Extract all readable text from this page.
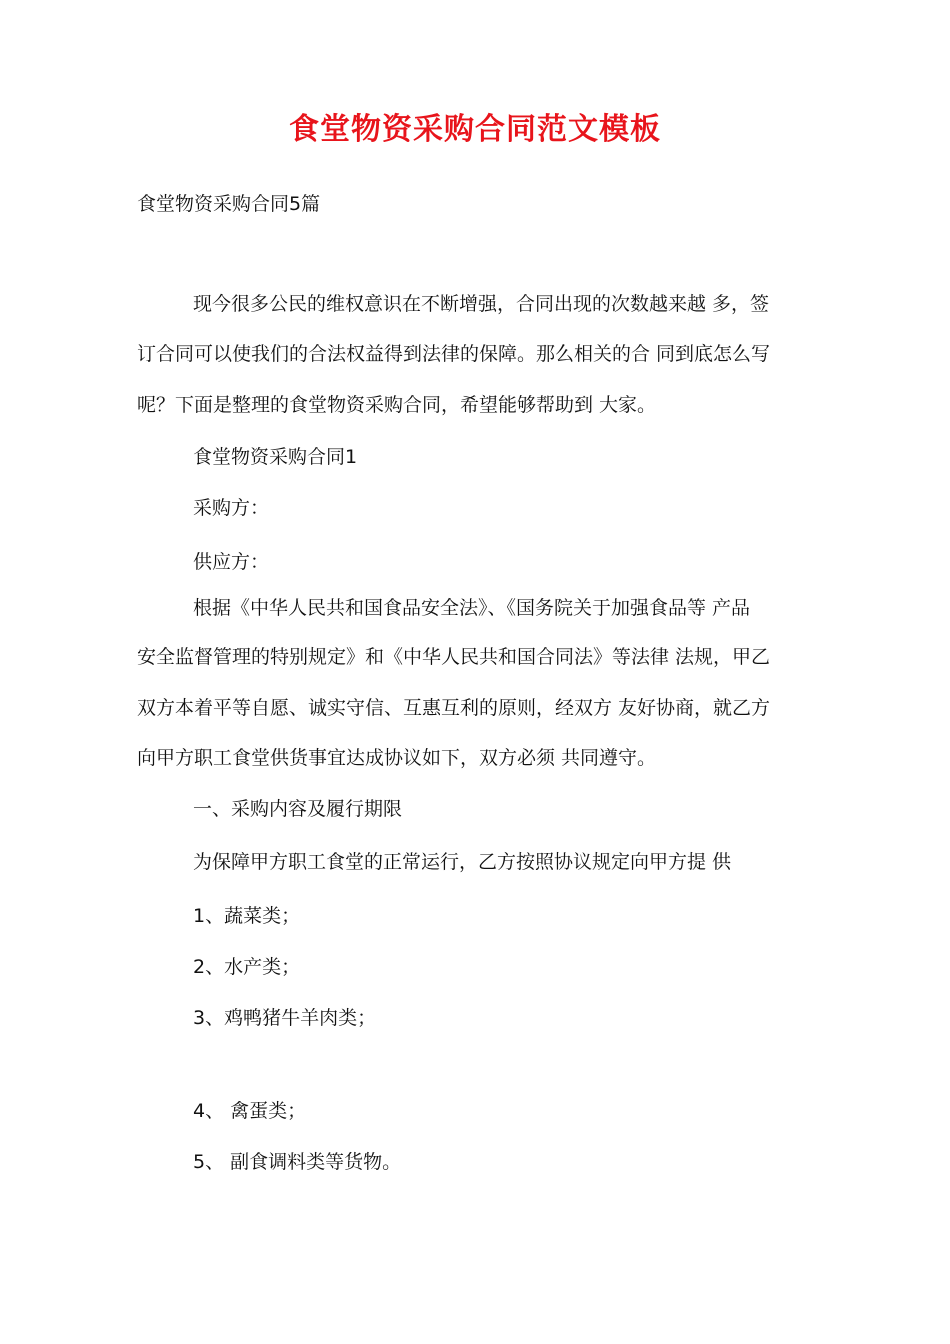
食堂物资采购合同范文模板

食堂物资采购合同5篇

现今很多公民的维权意识在不断增强，合同出现的次数越来越 多，签

订合同可以使我们的合法权益得到法律的保障。那么相关的合 同到底怎么写

呢？下面是整理的食堂物资采购合同，希望能够帮助到 大家。

食堂物资采购合同1

采购方：

供应方：

根据《中华人民共和国食品安全法》、《国务院关于加强食品等 产品

安全监督管理的特别规定》和《中华人民共和国合同法》等法律 法规，甲乙

双方本着平等自愿、诚实守信、互惠互利的原则，经双方 友好协商，就乙方

向甲方职工食堂供货事宜达成协议如下，双方必须 共同遵守。

一、采购内容及履行期限

为保障甲方职工食堂的正常运行，乙方按照协议规定向甲方提 供

1、蔬菜类；

2、水产类；

3、鸡鸭猪牛羊肉类；

4、 禽蛋类；

5、 副食调料类等货物。
